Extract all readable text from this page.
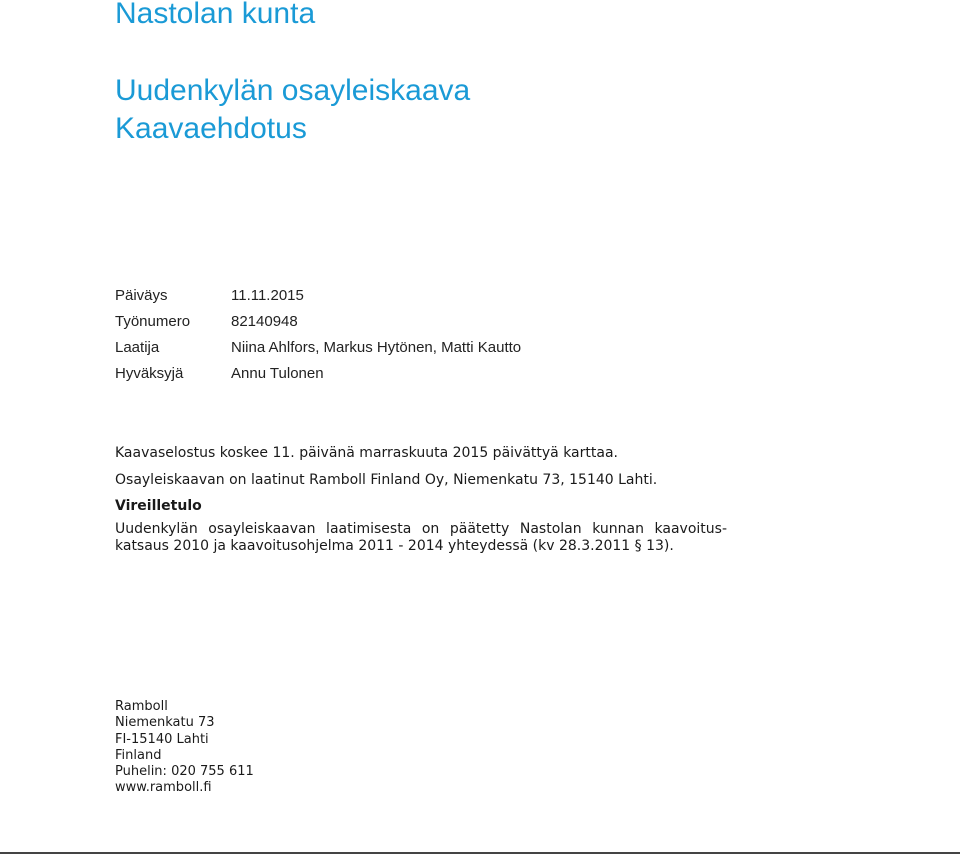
Nastolan kunta
Uudenkylän osayleiskaava
Kaavaehdotus
Päiväys	11.11.2015
Työnumero	82140948
Laatija	Niina Ahlfors, Markus Hytönen, Matti Kautto
Hyväksyjä	Annu Tulonen

Kaavaselostus koskee 11. päivänä marraskuuta 2015 päivättyä karttaa.

Osayleiskaavan on laatinut Ramboll Finland Oy, Niemenkatu 73, 15140 Lahti.

Vireilletulo

Uudenkylän osayleiskaavan laatimisesta on päätetty Nastolan kunnan kaavoitus-katsaus 2010 ja kaavoitusohjelma 2011 - 2014 yhteydessä (kv 28.3.2011 § 13).

Ramboll
Niemenkatu 73
FI-15140 Lahti
Finland
Puhelin: 020 755 611
www.ramboll.fi
